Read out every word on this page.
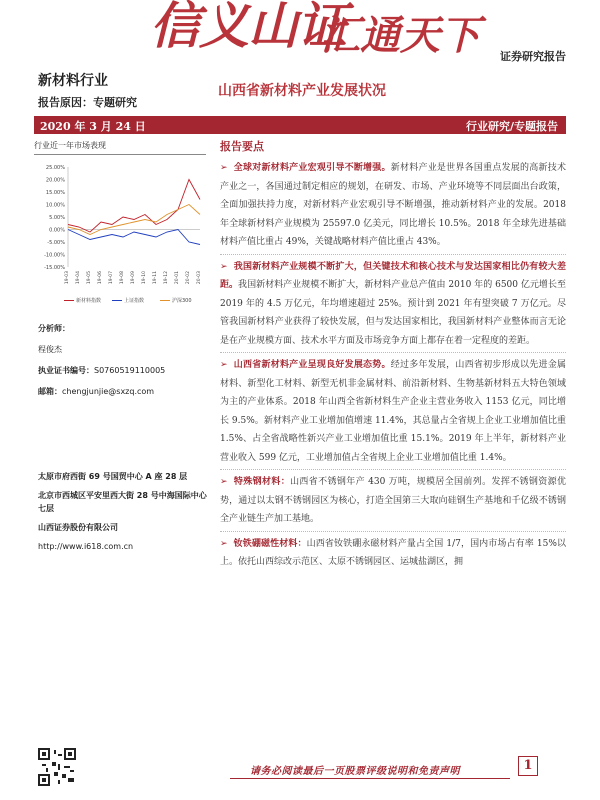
信义山证
汇通天下 证券研究报告
新材料行业
报告原因：专题研究
山西省新材料产业发展状况
2020 年 3 月 24 日	行业研究/专题报告
行业近一年市场表现
25.00%
20.00%
15.00%
10.00%
5.00%
0.00%
-5.00%
-10.00%
-15.00%
19-03 19-04 19-05 19-06 19-07 19-08 19-09 19-10 19-11 19-12 20-01 20-02 20-03
新材料指数	上证指数	沪深300
分析师：
程俊杰
执业证书编号：S0760519110005
邮箱：chengjunjie@sxzq.com
太原市府西街 69 号国贸中心 A 座 28 层
北京市西城区平安里西大街 28 号中海国际中心七层
山西证券股份有限公司
http://www.i618.com.cn
报告要点
➢ 全球对新材料产业宏观引导不断增强。新材料产业是世界各国重点发展的高新技术产业之一，各国通过制定相应的规划，在研发、市场、产业环境等不同层面出台政策，全面加强扶持力度，对新材料产业宏观引导不断增强，推动新材料产业的发展。2018 年全球新材料产业规模为 25597.0 亿美元，同比增长 10.5%。2018 年全球先进基础材料产值比重占 49%，关键战略材料产值比重占 43%。
➢ 我国新材料产业规模不断扩大，但关键技术和核心技术与发达国家相比仍有较大差距。我国新材料产业规模不断扩大，新材料产业总产值由 2010 年的 6500 亿元增长至 2019 年的 4.5 万亿元，年均增速超过 25%。预计到 2021 年有望突破 7 万亿元。尽管我国新材料产业获得了较快发展，但与发达国家相比，我国新材料产业整体而言无论是在产业规模方面、技术水平方面及市场竞争方面上都存在着一定程度的差距。
➢ 山西省新材料产业呈现良好发展态势。经过多年发展，山西省初步形成以先进金属材料、新型化工材料、新型无机非金属材料、前沿新材料、生物基新材料五大特色领域为主的产业体系。2018 年山西全省新材料生产企业主营业务收入 1153 亿元，同比增长 9.5%。新材料产业工业增加值增速 11.4%，其总量占全省规上企业工业增加值比重 1.5%、占全省战略性新兴产业工业增加值比重 15.1%。2019 年上半年，新材料产业营业收入 599 亿元，工业增加值占全省规上企业工业增加值比重 1.4%。
➢ 特殊钢材料：山西省不锈钢年产 430 万吨，规模居全国前列。发挥不锈钢资源优势，通过以太钢不锈钢园区为核心，打造全国第三大取向硅钢生产基地和千亿级不锈钢全产业链生产加工基地。
➢ 钕铁硼磁性材料：山西省钕铁硼永磁材料产量占全国 1/7，国内市场占有率 15%以上。依托山西综改示范区、太原不锈钢园区、运城盐湖区，拥
请务必阅读最后一页股票评级说明和免责声明	1
